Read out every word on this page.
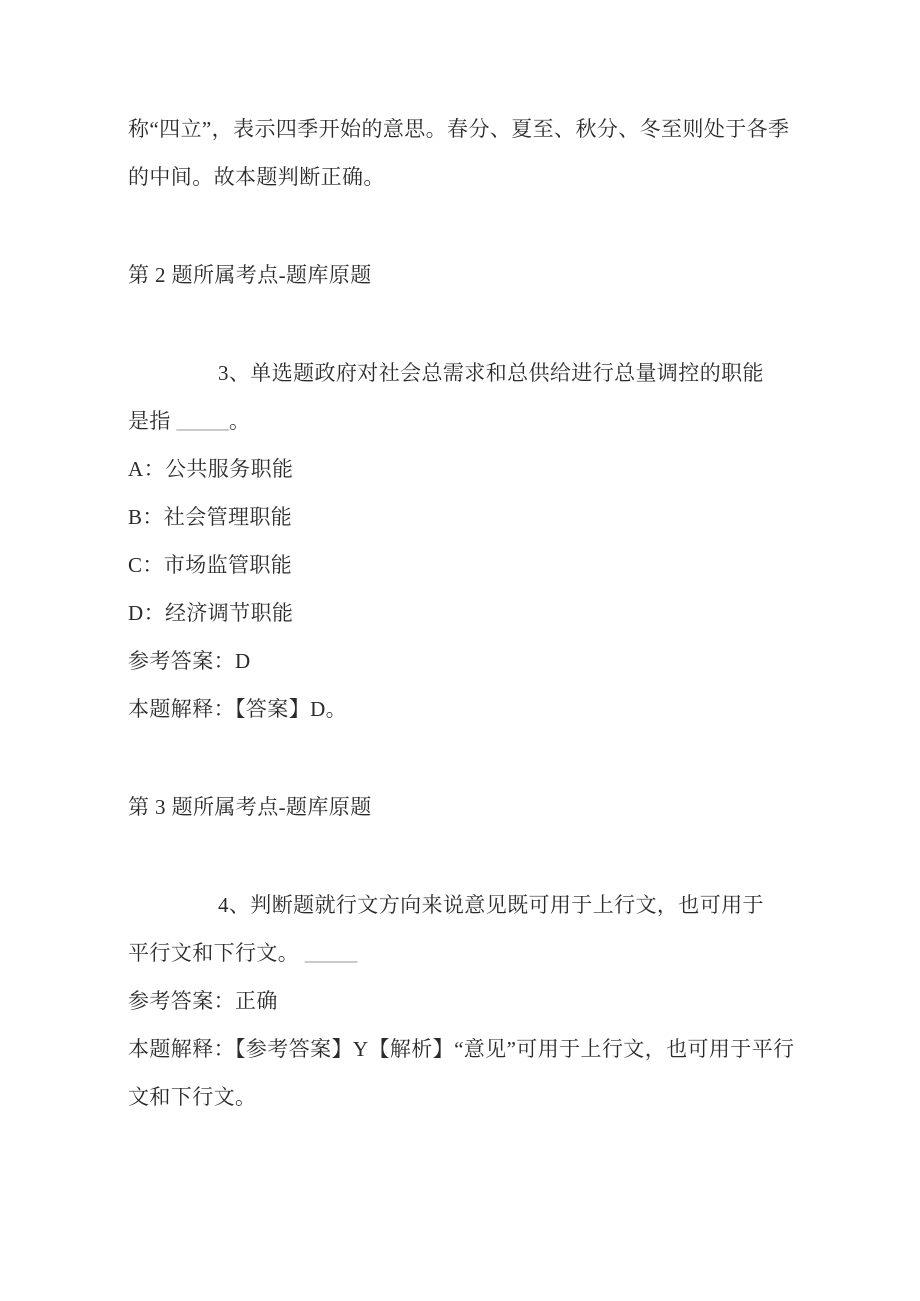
称“四立”，表示四季开始的意思。春分、夏至、秋分、冬至则处于各季
的中间。故本题判断正确。
第 2 题所属考点-题库原题
3、单选题政府对社会总需求和总供给进行总量调控的职能
是指 _____。
A：公共服务职能
B：社会管理职能
C：市场监管职能
D：经济调节职能
参考答案：D
本题解释：【答案】D。
第 3 题所属考点-题库原题
4、判断题就行文方向来说意见既可用于上行文，也可用于
平行文和下行文。 _____
参考答案：正确
本题解释：【参考答案】Y【解析】“意见”可用于上行文，也可用于平行
文和下行文。
